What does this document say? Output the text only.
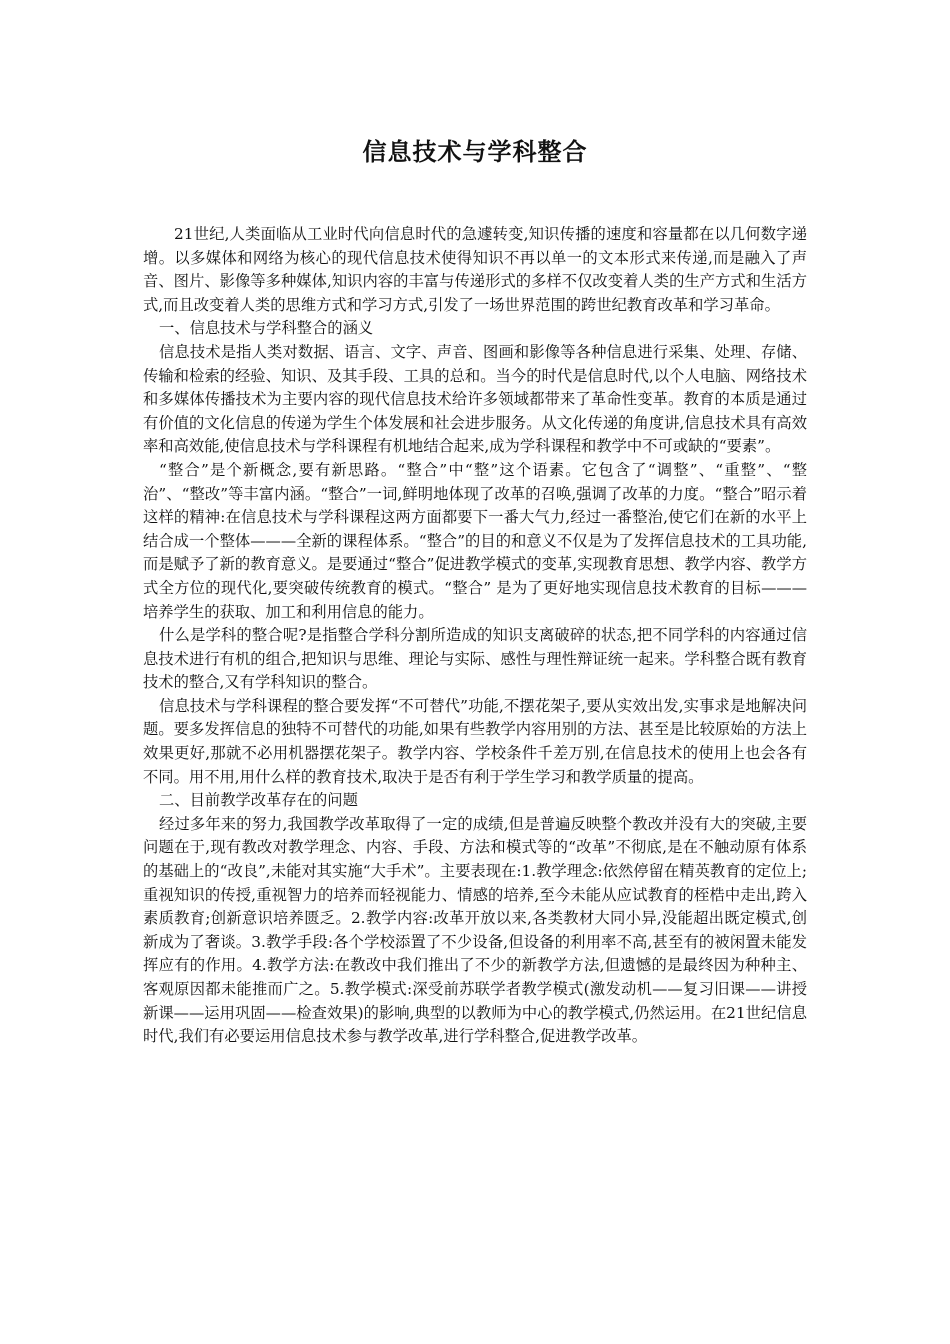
信息技术与学科整合

21世纪,人类面临从工业时代向信息时代的急遽转变,知识传播的速度和容量都在以几何数字递增。以多媒体和网络为核心的现代信息技术使得知识不再以单一的文本形式来传递,而是融入了声音、图片、影像等多种媒体,知识内容的丰富与传递形式的多样不仅改变着人类的生产方式和生活方式,而且改变着人类的思维方式和学习方式,引发了一场世界范围的跨世纪教育改革和学习革命。

一、信息技术与学科整合的涵义

信息技术是指人类对数据、语言、文字、声音、图画和影像等各种信息进行采集、处理、存储、传输和检索的经验、知识、及其手段、工具的总和。当今的时代是信息时代,以个人电脑、网络技术和多媒体传播技术为主要内容的现代信息技术给许多领域都带来了革命性变革。教育的本质是通过有价值的文化信息的传递为学生个体发展和社会进步服务。从文化传递的角度讲,信息技术具有高效率和高效能,使信息技术与学科课程有机地结合起来,成为学科课程和教学中不可或缺的“要素”。

“整合”是个新概念,要有新思路。“整合”中“整”这个语素。它包含了“调整”、“重整”、“整治”、“整改”等丰富内涵。“整合”一词,鲜明地体现了改革的召唤,强调了改革的力度。“整合”昭示着这样的精神:在信息技术与学科课程这两方面都要下一番大气力,经过一番整治,使它们在新的水平上结合成一个整体———全新的课程体系。“整合”的目的和意义不仅是为了发挥信息技术的工具功能,而是赋予了新的教育意义。是要通过“整合”促进教学模式的变革,实现教育思想、教学内容、教学方式全方位的现代化,要突破传统教育的模式。“整合” 是为了更好地实现信息技术教育的目标———培养学生的获取、加工和利用信息的能力。

什么是学科的整合呢?是指整合学科分割所造成的知识支离破碎的状态,把不同学科的内容通过信息技术进行有机的组合,把知识与思维、理论与实际、感性与理性辩证统一起来。学科整合既有教育技术的整合,又有学科知识的整合。

信息技术与学科课程的整合要发挥“不可替代”功能,不摆花架子,要从实效出发,实事求是地解决问题。要多发挥信息的独特不可替代的功能,如果有些教学内容用别的方法、甚至是比较原始的方法上效果更好,那就不必用机器摆花架子。教学内容、学校条件千差万别,在信息技术的使用上也会各有不同。用不用,用什么样的教育技术,取决于是否有利于学生学习和教学质量的提高。

二、目前教学改革存在的问题

经过多年来的努力,我国教学改革取得了一定的成绩,但是普遍反映整个教改并没有大的突破,主要问题在于,现有教改对教学理念、内容、手段、方法和模式等的“改革”不彻底,是在不触动原有体系的基础上的“改良”,未能对其实施“大手术”。主要表现在:1.教学理念:依然停留在精英教育的定位上;重视知识的传授,重视智力的培养而轻视能力、情感的培养,至今未能从应试教育的桎梏中走出,跨入素质教育;创新意识培养匮乏。2.教学内容:改革开放以来,各类教材大同小异,没能超出既定模式,创新成为了奢谈。3.教学手段:各个学校添置了不少设备,但设备的利用率不高,甚至有的被闲置未能发挥应有的作用。4.教学方法:在教改中我们推出了不少的新教学方法,但遗憾的是最终因为种种主、客观原因都未能推而广之。5.教学模式:深受前苏联学者教学模式(激发动机——复习旧课——讲授新课——运用巩固——检查效果)的影响,典型的以教师为中心的教学模式,仍然运用。在21世纪信息时代,我们有必要运用信息技术参与教学改革,进行学科整合,促进教学改革。
